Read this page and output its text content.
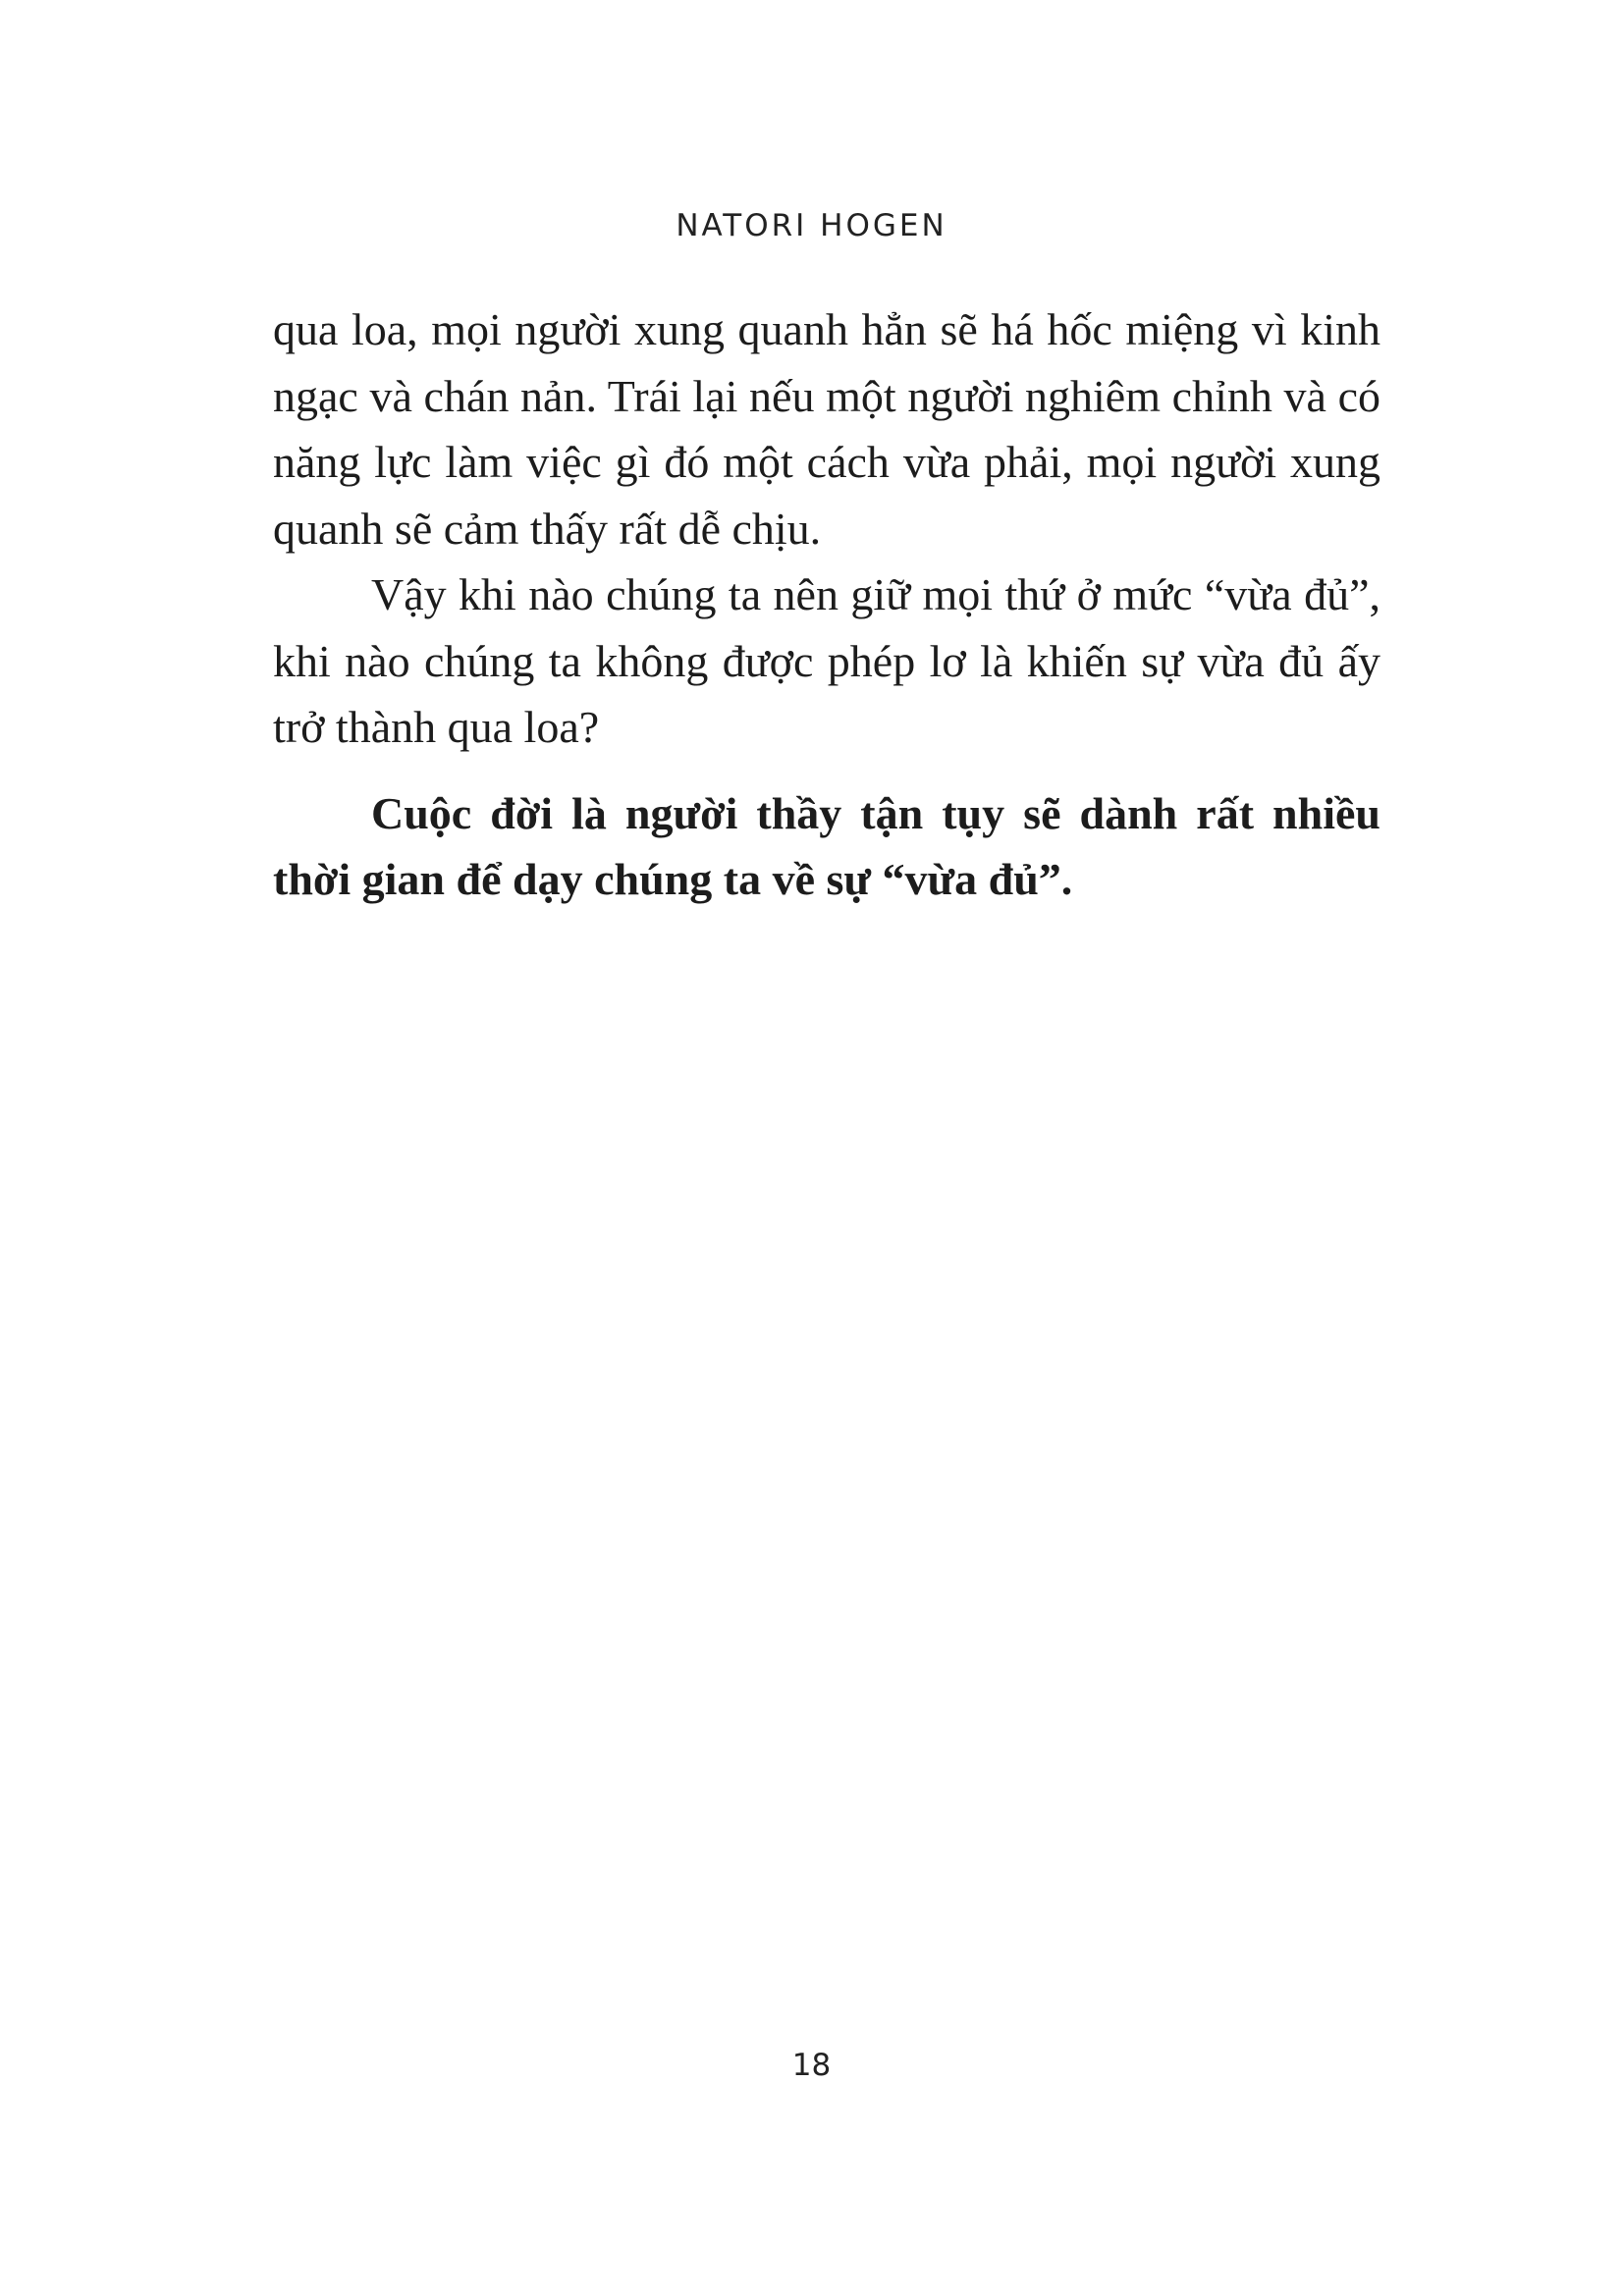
NATORI HOGEN

qua loa, mọi người xung quanh hẳn sẽ há hốc miệng vì kinh ngạc và chán nản. Trái lại nếu một người nghiêm chỉnh và có năng lực làm việc gì đó một cách vừa phải, mọi người xung quanh sẽ cảm thấy rất dễ chịu.

Vậy khi nào chúng ta nên giữ mọi thứ ở mức “vừa đủ”, khi nào chúng ta không được phép lơ là khiến sự vừa đủ ấy trở thành qua loa?

Cuộc đời là người thầy tận tụy sẽ dành rất nhiều thời gian để dạy chúng ta về sự “vừa đủ”.

18
